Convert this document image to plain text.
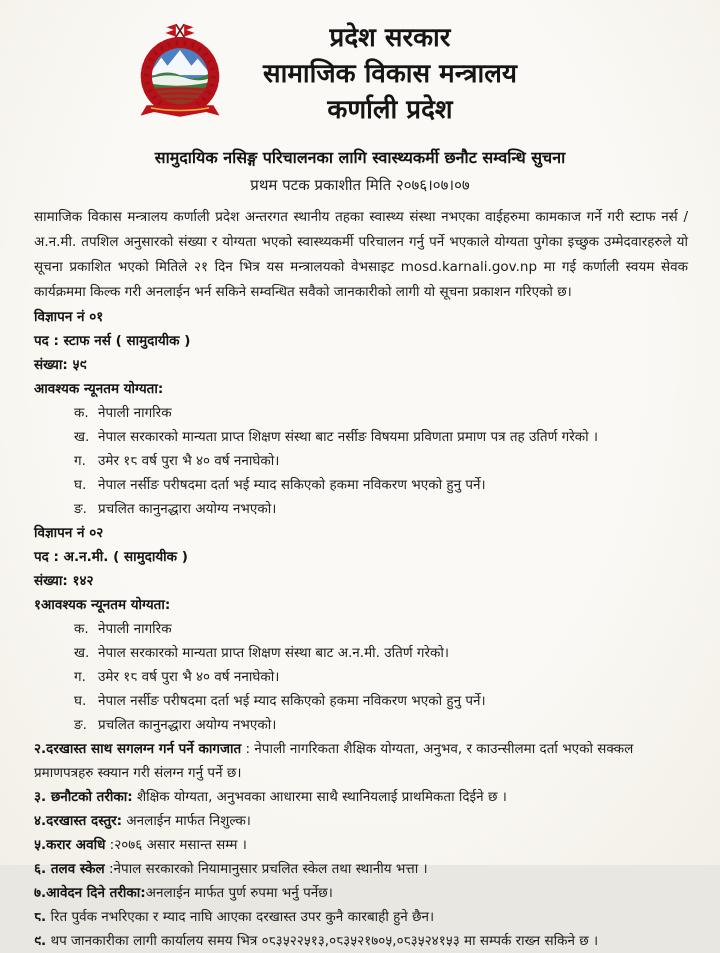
प्रदेश सरकार
सामाजिक विकास मन्त्रालय
कर्णाली प्रदेश
सामुदायिक नसिङ्ग परिचालनका लागि स्वास्थ्यकर्मी छनौट सम्वन्धि सुचना
प्रथम पटक प्रकाशीत मिति २०७६।०७।०७
सामाजिक विकास मन्त्रालय कर्णाली प्रदेश अन्तरगत स्थानीय तहका स्वास्थ्य संस्था नभएका वाईहरुमा कामकाज गर्ने गरी स्टाफ नर्स / अ.न.मी. तपशिल अनुसारको संख्या र योग्यता भएको स्वास्थ्यकर्मी परिचालन गर्नु पर्ने भएकाले योग्यता पुगेका इच्छुक उम्मेदवारहरुले यो सूचना प्रकाशित भएको मितिले २१ दिन भित्र यस मन्त्रालयको वेभसाइट mosd.karnali.gov.np मा गई कर्णाली स्वयम सेवक कार्यक्रममा किल्क गरी अनलाईन भर्न सकिने सम्वन्धित सवैको जानकारीको लागी यो सूचना प्रकाशन गरिएको छ।
विज्ञापन नं ०१
पद : स्टाफ नर्स ( सामुदायीक )
संख्या: ५९
आवश्यक न्यूनतम योग्यता:
क. नेपाली नागरिक
ख. नेपाल सरकारको मान्यता प्राप्त शिक्षण संस्था बाट नर्सीङ विषयमा प्रविणता प्रमाण पत्र तह उतिर्ण गरेको ।
ग. उमेर १८ वर्ष पुरा भै ४० वर्ष ननाघेको।
घ. नेपाल नर्सीङ परीषदमा दर्ता भई म्याद सकिएको हकमा नविकरण भएको हुनु पर्ने।
ङ. प्रचलित कानुनद्धारा अयोग्य नभएको।
विज्ञापन नं ०२
पद : अ.न.मी. ( सामुदायीक )
संख्या: १४२
१आवश्यक न्यूनतम योग्यता:
क. नेपाली नागरिक
ख. नेपाल सरकारको मान्यता प्राप्त शिक्षण संस्था बाट अ.न.मी. उतिर्ण गरेको।
ग. उमेर १८ वर्ष पुरा भै ४० वर्ष ननाघेको।
घ. नेपाल नर्सीङ परीषदमा दर्ता भई म्याद सकिएको हकमा नविकरण भएको हुनु पर्ने।
ङ. प्रचलित कानुनद्धारा अयोग्य नभएको।
२.दरखास्त साथ सगलग्न गर्न पर्ने कागजात : नेपाली नागरिकता शैक्षिक योग्यता, अनुभव, र काउन्सीलमा दर्ता भएको सक्कल प्रमाणपत्रहरु स्क्यान गरी संलग्न गर्नु पर्ने छ।
३. छनौटको तरीका: शैक्षिक योग्यता, अनुभवका आधारमा साथै स्थानियलाई प्राथमिकता दिईने छ ।
४.दरखास्त दस्तुर: अनलाईन मार्फत निशुल्क।
५.करार अवधि :२०७६ असार मसान्त सम्म ।
६. तलव स्केल :नेपाल सरकारको नियामानुसार प्रचलित स्केल तथा स्थानीय भत्ता ।
७.आवेदन दिने तरीका:अनलाईन मार्फत पुर्ण रुपमा भर्नु पर्नेछ।
८. रित पुर्वक नभरिएका र म्याद नाघि आएका दरखास्त उपर कुनै कारबाही हुने छैन।
९. थप जानकारीका लागी कार्यालय समय भित्र ०८३५२२५१३,०८३५२१७०५,०८३५२४१५३ मा सम्पर्क राख्न सकिने छ ।
